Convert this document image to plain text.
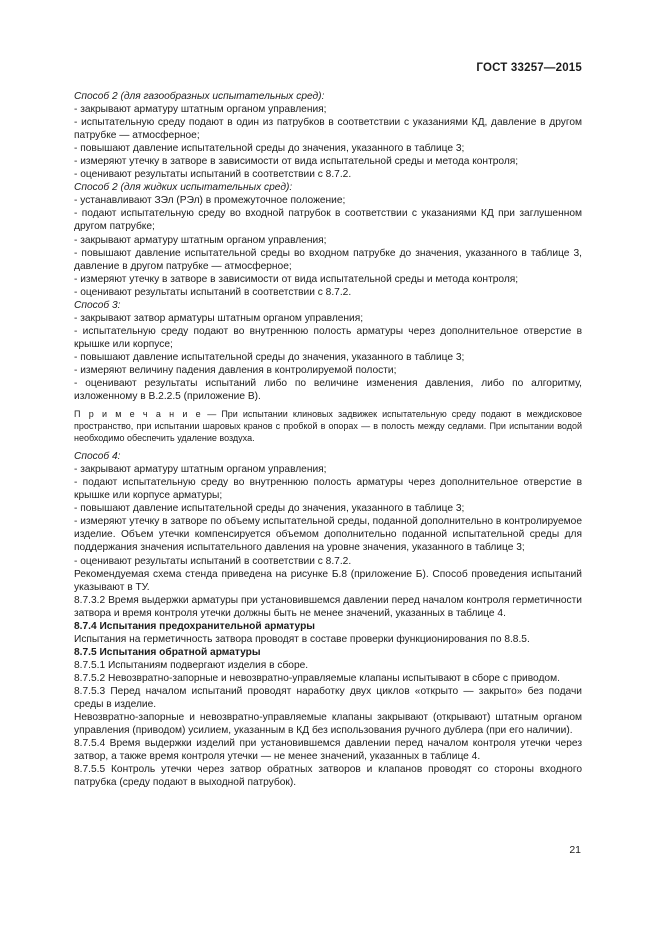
ГОСТ 33257—2015
Способ 2 (для газообразных испытательных сред):
- закрывают арматуру штатным органом управления;
- испытательную среду подают в один из патрубков в соответствии с указаниями КД, давление в другом патрубке — атмосферное;
- повышают давление испытательной среды до значения, указанного в таблице 3;
- измеряют утечку в затворе в зависимости от вида испытательной среды и метода контроля;
- оценивают результаты испытаний в соответствии с 8.7.2.
Способ 2 (для жидких испытательных сред):
- устанавливают ЗЭл (РЭл) в промежуточное положение;
- подают испытательную среду во входной патрубок в соответствии с указаниями КД при заглушенном другом патрубке;
- закрывают арматуру штатным органом управления;
- повышают давление испытательной среды во входном патрубке до значения, указанного в таблице 3, давление в другом патрубке — атмосферное;
- измеряют утечку в затворе в зависимости от вида испытательной среды и метода контроля;
- оценивают результаты испытаний в соответствии с 8.7.2.
Способ 3:
- закрывают затвор арматуры штатным органом управления;
- испытательную среду подают во внутреннюю полость арматуры через дополнительное отверстие в крышке или корпусе;
- повышают давление испытательной среды до значения, указанного в таблице 3;
- измеряют величину падения давления в контролируемой полости;
- оценивают результаты испытаний либо по величине изменения давления, либо по алгоритму, изложенному в В.2.2.5 (приложение В).
П р и м е ч а н и е — При испытании клиновых задвижек испытательную среду подают в междисковое пространство, при испытании шаровых кранов с пробкой в опорах — в полость между седлами. При испытании водой необходимо обеспечить удаление воздуха.
Способ 4:
- закрывают арматуру штатным органом управления;
- подают испытательную среду во внутреннюю полость арматуры через дополнительное отверстие в крышке или корпусе арматуры;
- повышают давление испытательной среды до значения, указанного в таблице 3;
- измеряют утечку в затворе по объему испытательной среды, поданной дополнительно в контролируемое изделие. Объем утечки компенсируется объемом дополнительно поданной испытательной среды для поддержания значения испытательного давления на уровне значения, указанного в таблице 3;
- оценивают результаты испытаний в соответствии с 8.7.2.
Рекомендуемая схема стенда приведена на рисунке Б.8 (приложение Б). Способ проведения испытаний указывают в ТУ.
8.7.3.2 Время выдержки арматуры при установившемся давлении перед началом контроля герметичности затвора и время контроля утечки должны быть не менее значений, указанных в таблице 4.
8.7.4 Испытания предохранительной арматуры
Испытания на герметичность затвора проводят в составе проверки функционирования по 8.8.5.
8.7.5 Испытания обратной арматуры
8.7.5.1 Испытаниям подвергают изделия в сборе.
8.7.5.2 Невозвратно-запорные и невозвратно-управляемые клапаны испытывают в сборе с приводом.
8.7.5.3 Перед началом испытаний проводят наработку двух циклов «открыто — закрыто» без подачи среды в изделие.
Невозвратно-запорные и невозвратно-управляемые клапаны закрывают (открывают) штатным органом управления (приводом) усилием, указанным в КД без использования ручного дублера (при его наличии).
8.7.5.4 Время выдержки изделий при установившемся давлении перед началом контроля утечки через затвор, а также время контроля утечки — не менее значений, указанных в таблице 4.
8.7.5.5 Контроль утечки через затвор обратных затворов и клапанов проводят со стороны входного патрубка (среду подают в выходной патрубок).
21
